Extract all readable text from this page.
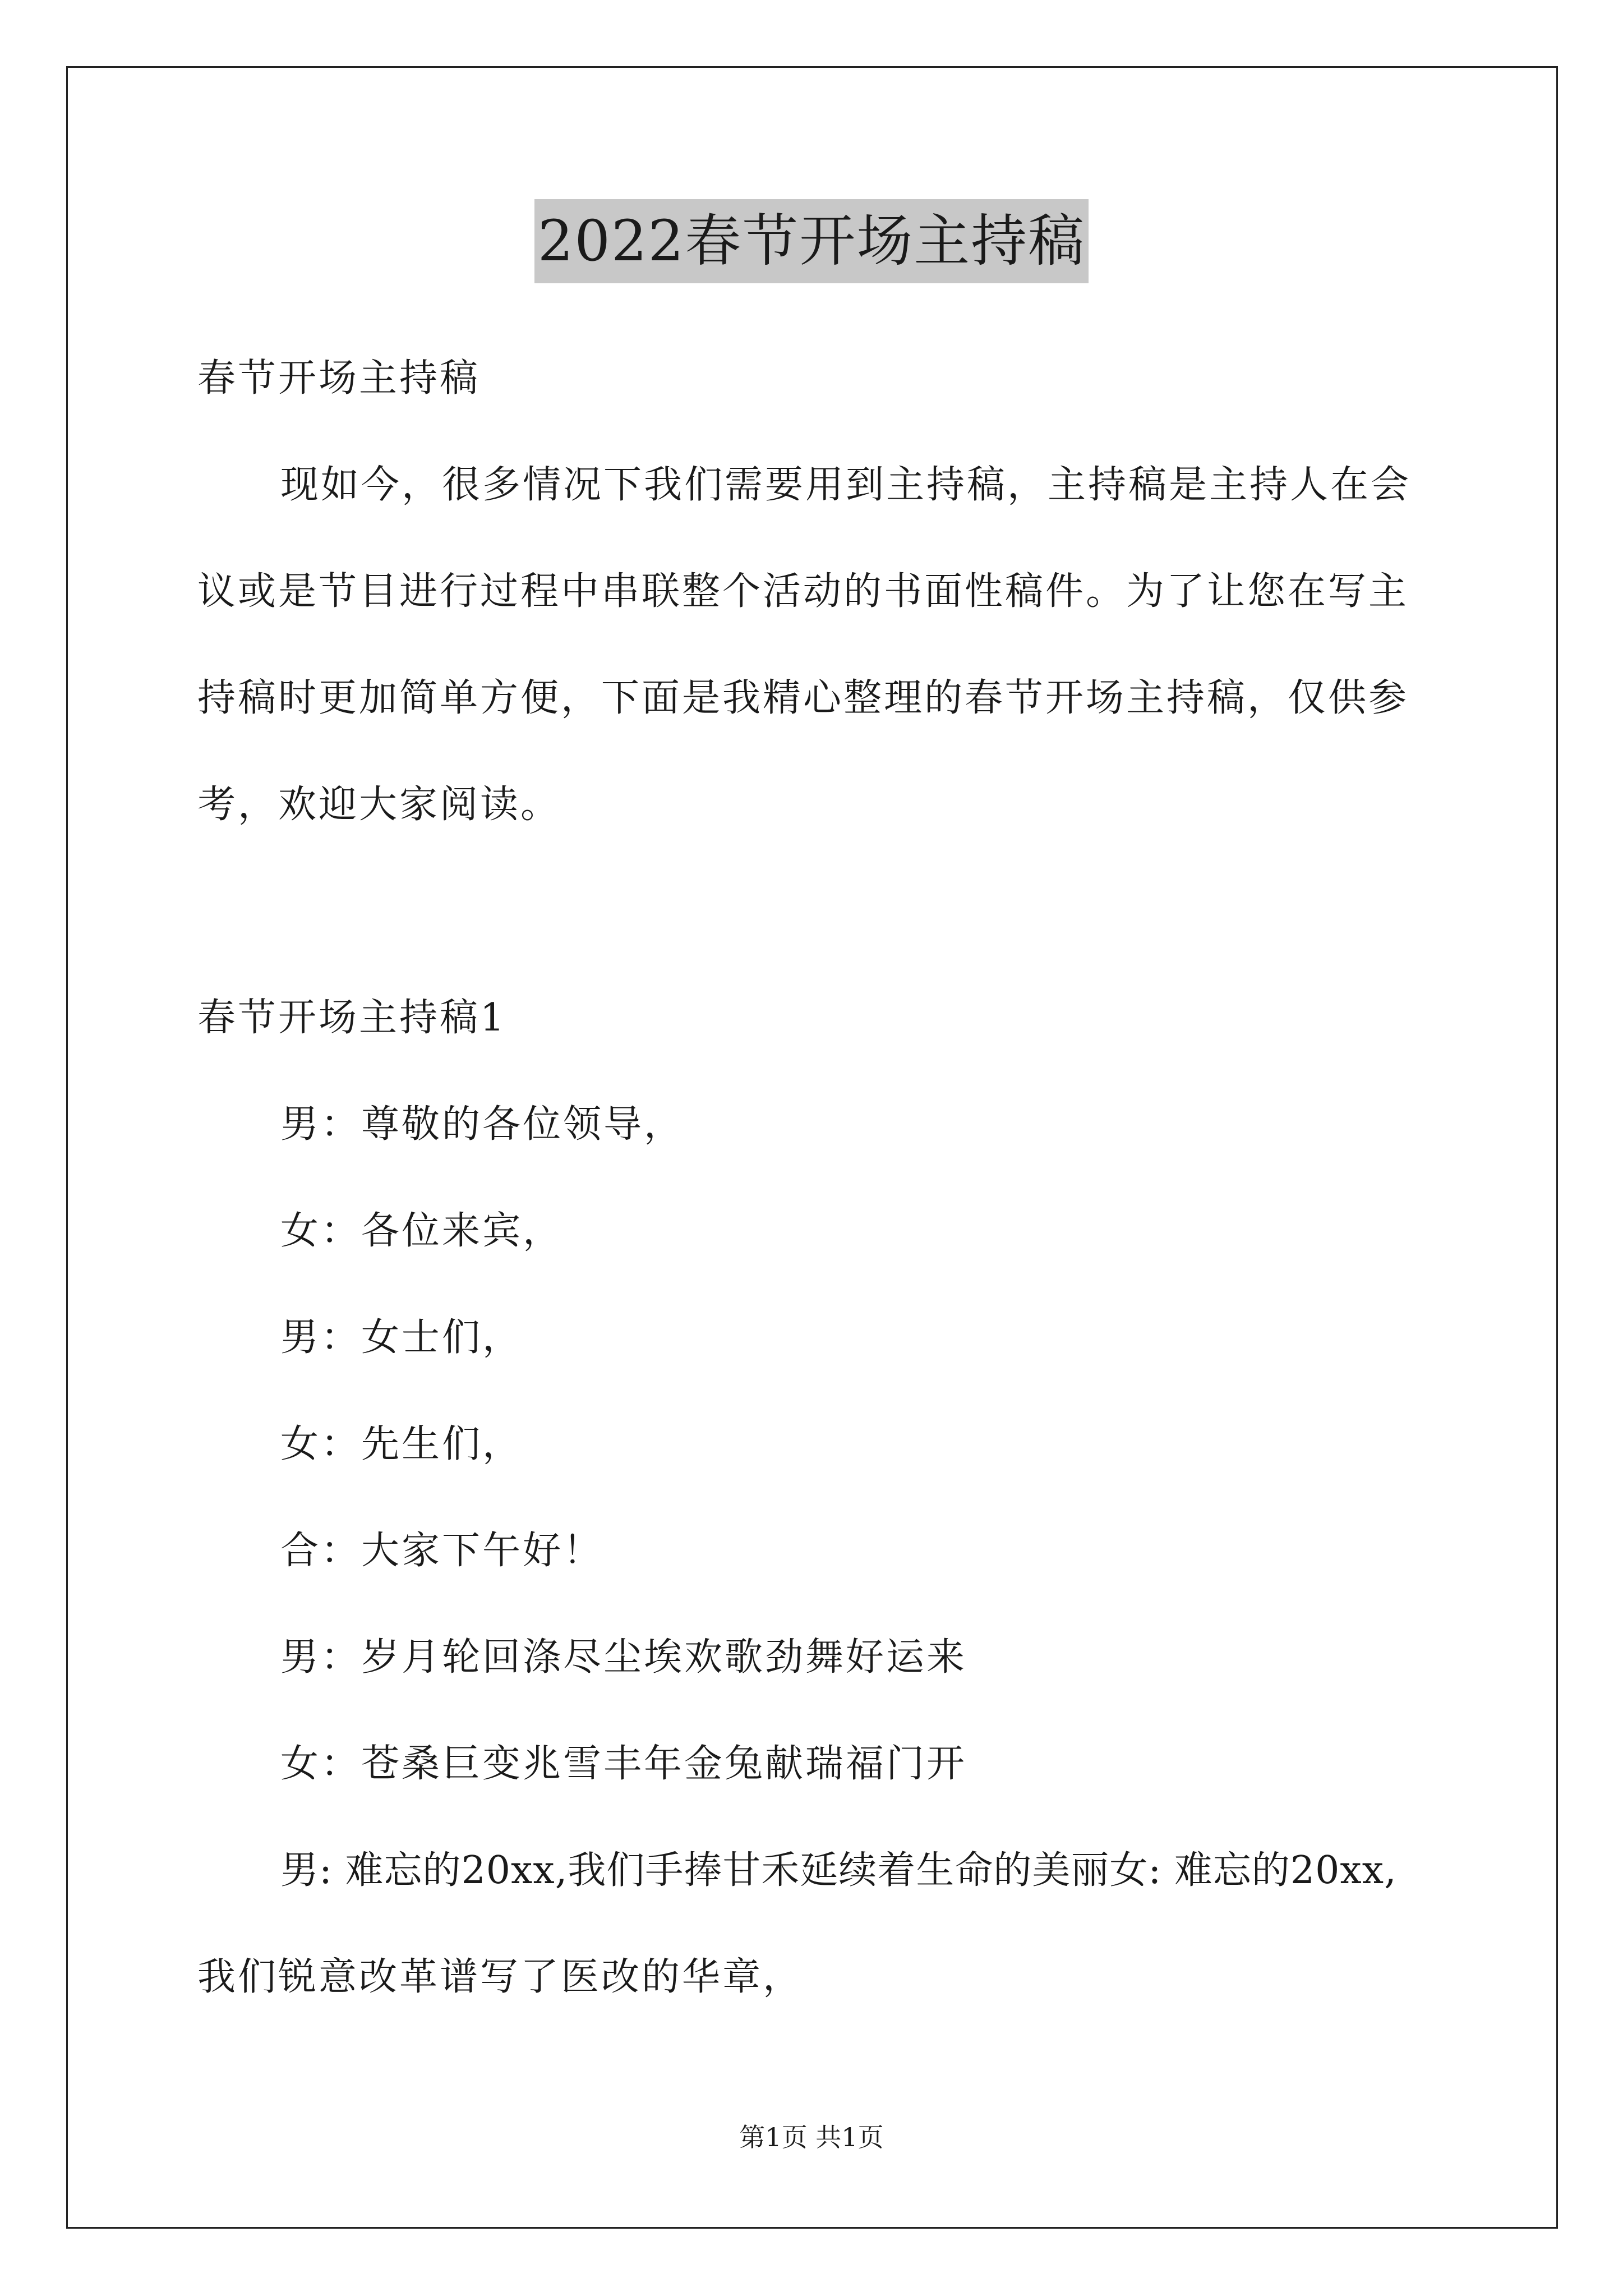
2022春节开场主持稿
春节开场主持稿
现如今，很多情况下我们需要用到主持稿，主持稿是主持人在会
议或是节目进行过程中串联整个活动的书面性稿件。为了让您在写主
持稿时更加简单方便，下面是我精心整理的春节开场主持稿，仅供参
考，欢迎大家阅读。
春节开场主持稿1
男：尊敬的各位领导，
女：各位来宾，
男：女士们，
女：先生们，
合：大家下午好！
男：岁月轮回涤尽尘埃欢歌劲舞好运来
女：苍桑巨变兆雪丰年金兔献瑞福门开
男: 难忘的20xx,我们手捧甘禾延续着生命的美丽女: 难忘的20xx,
我们锐意改革谱写了医改的华章，
第1页 共1页
